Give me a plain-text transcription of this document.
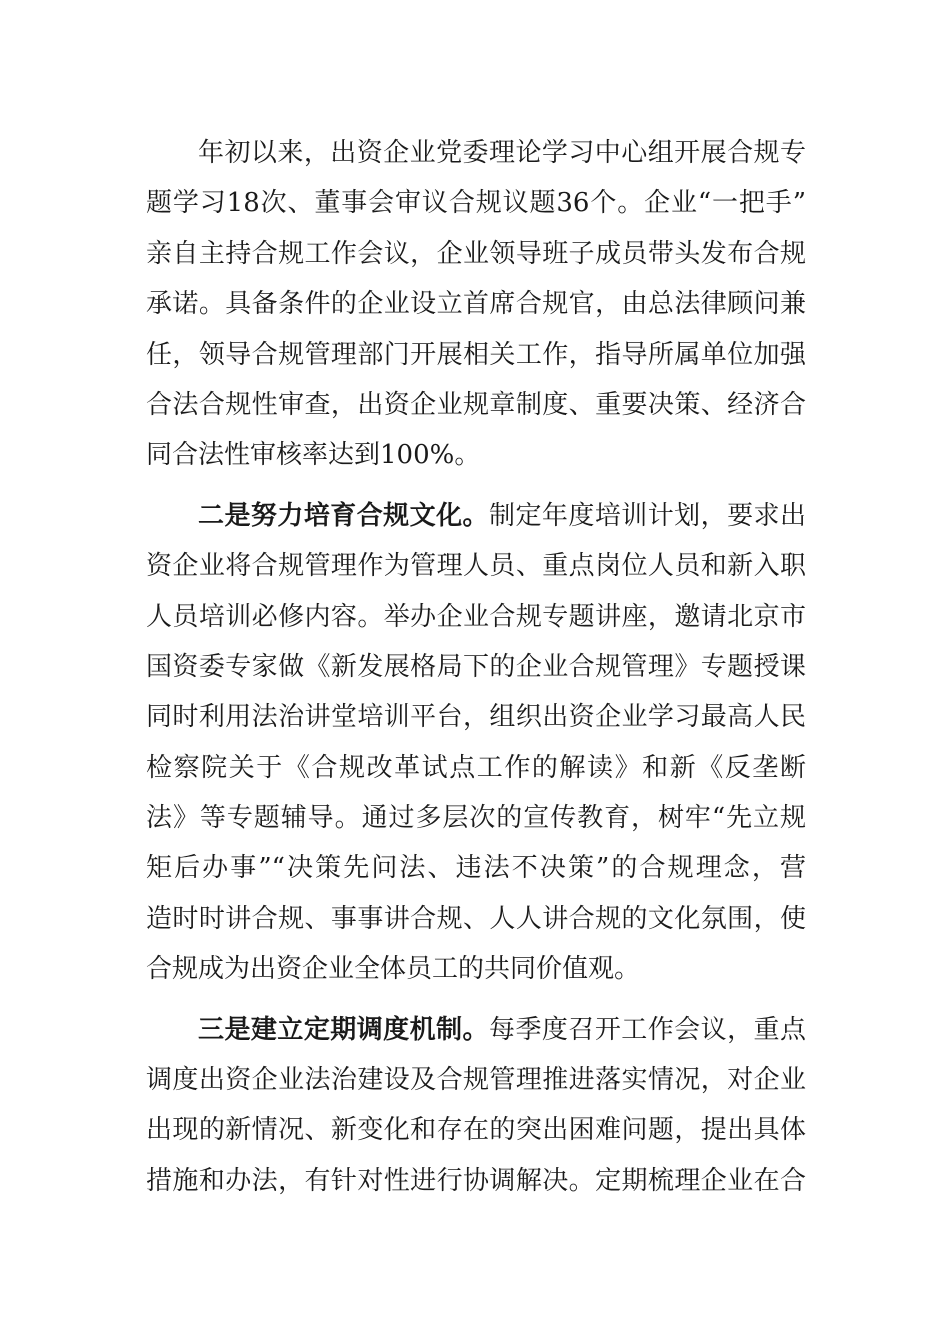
年初以来，出资企业党委理论学习中心组开展合规专
题学习18次、董事会审议合规议题36个。企业“一把手”
亲自主持合规工作会议，企业领导班子成员带头发布合规
承诺。具备条件的企业设立首席合规官，由总法律顾问兼
任，领导合规管理部门开展相关工作，指导所属单位加强
合法合规性审查，出资企业规章制度、重要决策、经济合
同合法性审核率达到100%。
二是努力培育合规文化。制定年度培训计划，要求出
资企业将合规管理作为管理人员、重点岗位人员和新入职
人员培训必修内容。举办企业合规专题讲座，邀请北京市
国资委专家做《新发展格局下的企业合规管理》专题授课
同时利用法治讲堂培训平台，组织出资企业学习最高人民
检察院关于《合规改革试点工作的解读》和新《反垄断
法》等专题辅导。通过多层次的宣传教育，树牢“先立规
矩后办事”“决策先问法、违法不决策”的合规理念，营
造时时讲合规、事事讲合规、人人讲合规的文化氛围，使
合规成为出资企业全体员工的共同价值观。
三是建立定期调度机制。每季度召开工作会议，重点
调度出资企业法治建设及合规管理推进落实情况，对企业
出现的新情况、新变化和存在的突出困难问题，提出具体
措施和办法，有针对性进行协调解决。定期梳理企业在合
